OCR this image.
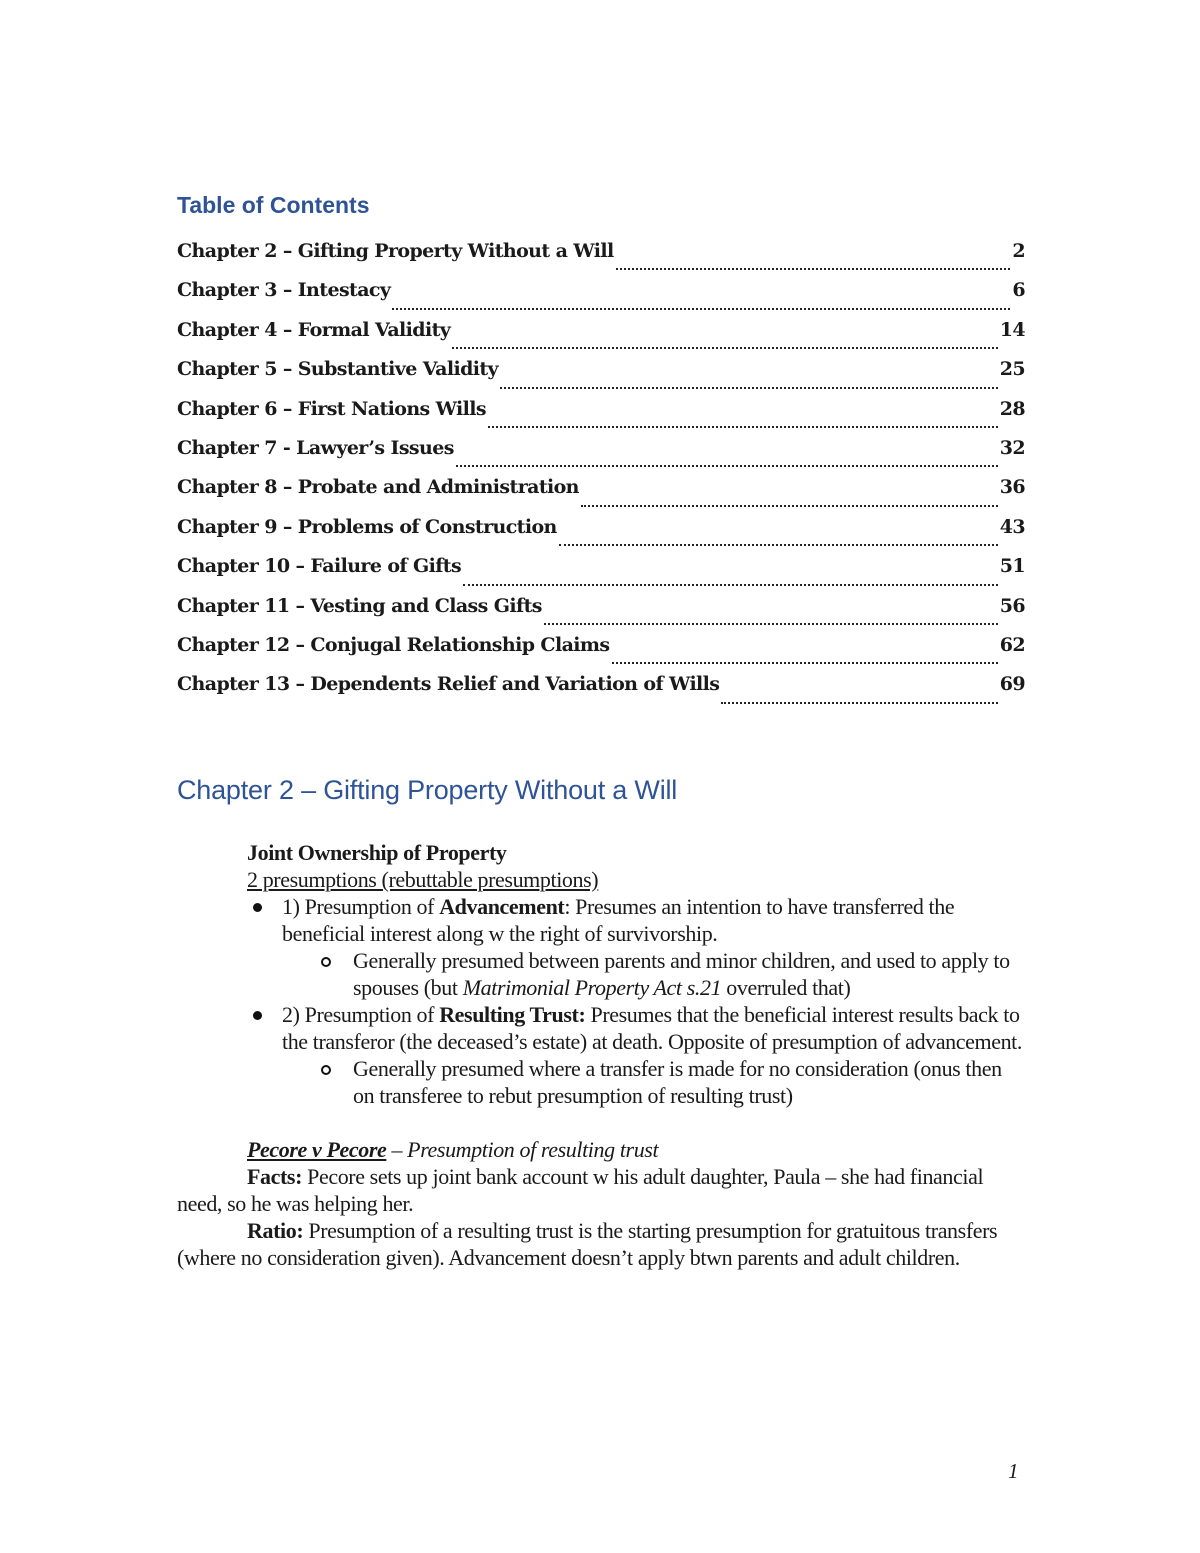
Table of Contents
Chapter 2 – Gifting Property Without a Will	2
Chapter 3 – Intestacy	6
Chapter 4 – Formal Validity	14
Chapter 5 – Substantive Validity	25
Chapter 6 – First Nations Wills	28
Chapter 7 - Lawyer’s Issues	32
Chapter 8 – Probate and Administration	36
Chapter 9 – Problems of Construction	43
Chapter 10 – Failure of Gifts	51
Chapter 11 – Vesting and Class Gifts	56
Chapter 12 – Conjugal Relationship Claims	62
Chapter 13 – Dependents Relief and Variation of Wills	69
Chapter 2 – Gifting Property Without a Will
Joint Ownership of Property
2 presumptions (rebuttable presumptions)
1) Presumption of Advancement: Presumes an intention to have transferred the beneficial interest along w the right of survivorship.
Generally presumed between parents and minor children, and used to apply to spouses (but Matrimonial Property Act s.21 overruled that)
2) Presumption of Resulting Trust: Presumes that the beneficial interest results back to the transferor (the deceased’s estate) at death. Opposite of presumption of advancement.
Generally presumed where a transfer is made for no consideration (onus then on transferee to rebut presumption of resulting trust)
Pecore v Pecore – Presumption of resulting trust
Facts: Pecore sets up joint bank account w his adult daughter, Paula – she had financial need, so he was helping her.
Ratio: Presumption of a resulting trust is the starting presumption for gratuitous transfers (where no consideration given). Advancement doesn’t apply btwn parents and adult children.
1
